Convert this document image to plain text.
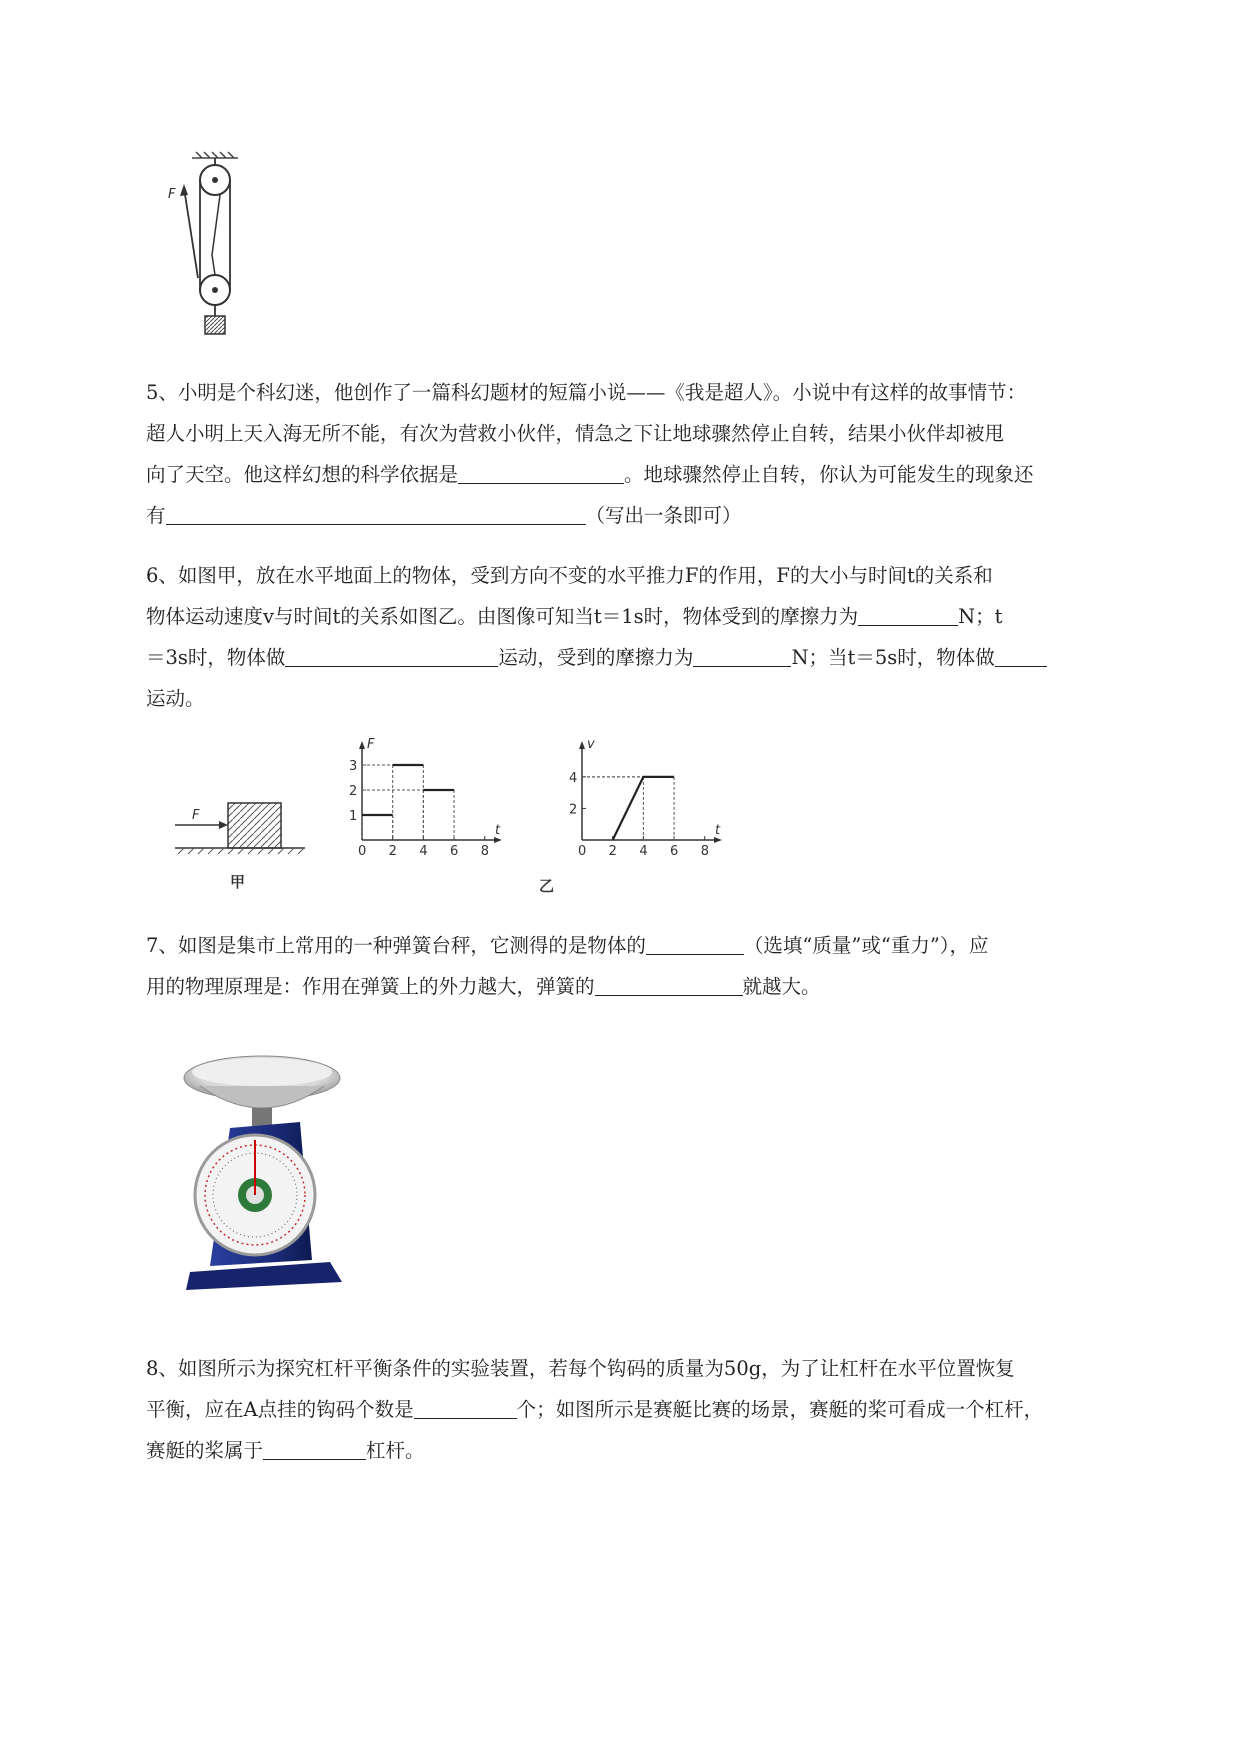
F
5、小明是个科幻迷，他创作了一篇科幻题材的短篇小说——《我是超人》。小说中有这样的故事情节：
超人小明上天入海无所不能，有次为营救小伙伴，情急之下让地球骤然停止自转，结果小伙伴却被甩
向了天空。他这样幻想的科学依据是	。地球骤然停止自转，你认为可能发生的现象还
有	（写出一条即可）
6、如图甲，放在水平地面上的物体，受到方向不变的水平推力F的作用，F的大小与时间t的关系和
物体运动速度v与时间t的关系如图乙。由图像可知当t＝1s时，物体受到的摩擦力为	N；t
＝3s时，物体做	运动，受到的摩擦力为	N；当t＝5s时，物体做
运动。
F
甲
t
F
0 2 4 6 8
1
2
3
t
v
0 2 4 6 8
2
4
乙
7、如图是集市上常用的一种弹簧台秤，它测得的是物体的	（选填“质量”或“重力”），应
用的物理原理是：作用在弹簧上的外力越大，弹簧的	就越大。
8、如图所示为探究杠杆平衡条件的实验装置，若每个钩码的质量为50g，为了让杠杆在水平位置恢复
平衡，应在A点挂的钩码个数是	个；如图所示是赛艇比赛的场景，赛艇的桨可看成一个杠杆，
赛艇的桨属于	杠杆。
